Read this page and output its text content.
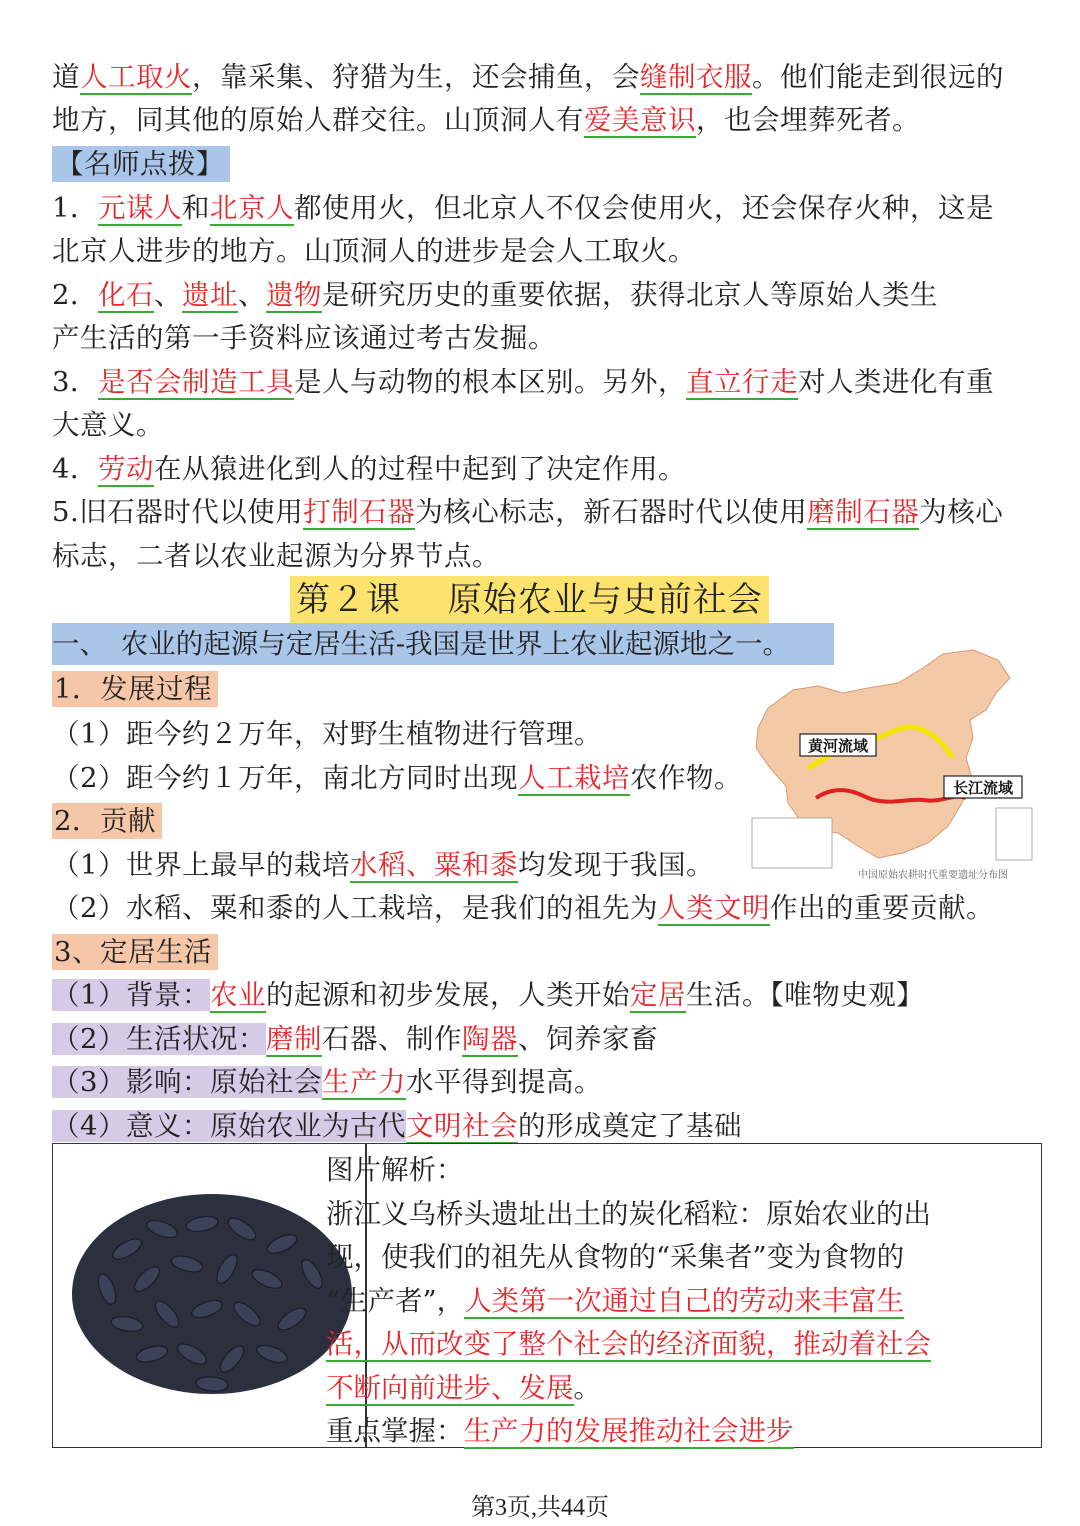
道人工取火，靠采集、狩猎为生，还会捕鱼，会缝制衣服。他们能走到很远的
地方，同其他的原始人群交往。山顶洞人有爱美意识，也会埋葬死者。
【名师点拨】
1．元谋人和北京人都使用火，但北京人不仅会使用火，还会保存火种，这是
北京人进步的地方。山顶洞人的进步是会人工取火。
2．化石、遗址、遗物是研究历史的重要依据，获得北京人等原始人类生
产生活的第一手资料应该通过考古发掘。
3．是否会制造工具是人与动物的根本区别。另外，直立行走对人类进化有重
大意义。
4．劳动在从猿进化到人的过程中起到了决定作用。
5.旧石器时代以使用打制石器为核心标志，新石器时代以使用磨制石器为核心
标志，二者以农业起源为分界节点。
第２课　 原始农业与史前社会
一、　农业的起源与定居生活-我国是世界上农业起源地之一。
1．发展过程
（1）距今约２万年，对野生植物进行管理。
（2）距今约１万年，南北方同时出现人工栽培农作物。
2．贡献
（1）世界上最早的栽培水稻、粟和黍均发现于我国。
（2）水稻、粟和黍的人工栽培，是我们的祖先为人类文明作出的重要贡献。
3、定居生活
（1）背景：农业的起源和初步发展，人类开始定居生活。【唯物史观】
（2）生活状况：磨制石器、制作陶器、饲养家畜
（3）影响：原始社会生产力水平得到提高。
（4）意义：原始农业为古代文明社会的形成奠定了基础
黄河流域
长江流域
中国原始农耕时代重要遗址分布图
图片解析：
浙江义乌桥头遗址出土的炭化稻粒：原始农业的出
现，使我们的祖先从食物的“采集者”变为食物的
“生产者”，人类第一次通过自己的劳动来丰富生
活，从而改变了整个社会的经济面貌，推动着社会
不断向前进步、发展。
重点掌握：生产力的发展推动社会进步
第3页,共44页
